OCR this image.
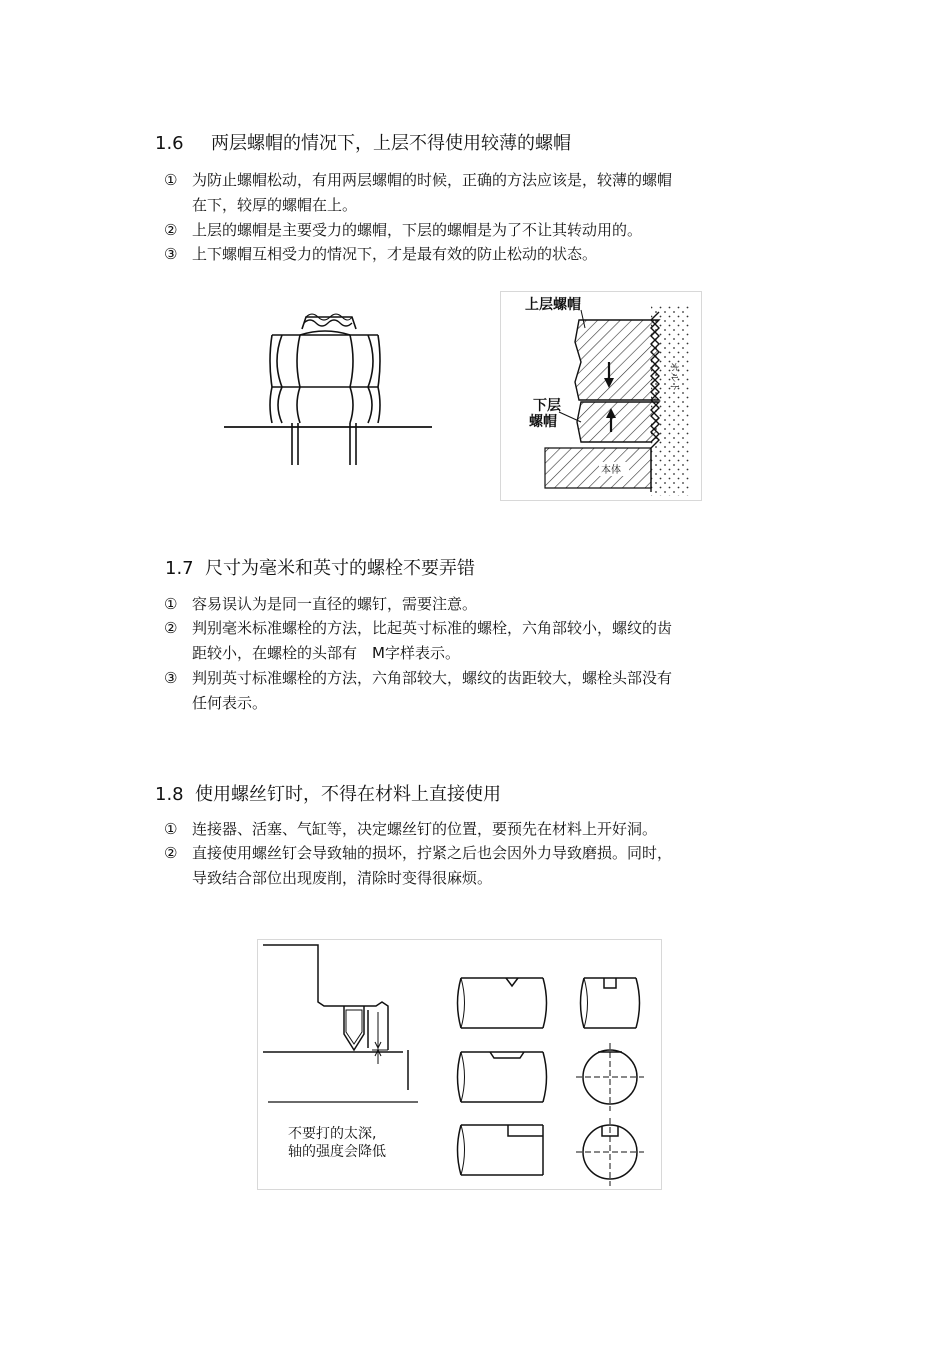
1.6 两层螺帽的情况下，上层不得使用较薄的螺帽
① 为防止螺帽松动，有用两层螺帽的时候，正确的方法应该是，较薄的螺帽
在下，较厚的螺帽在上。
② 上层的螺帽是主要受力的螺帽，下层的螺帽是为了不让其转动用的。
③ 上下螺帽互相受力的情况下，才是最有效的防止松动的状态。
上层螺帽
下层
螺帽
ボルト
本体
1.7 尺寸为毫米和英寸的螺栓不要弄错
① 容易误认为是同一直径的螺钉，需要注意。
② 判别毫米标准螺栓的方法，比起英寸标准的螺栓，六角部较小，螺纹的齿
距较小，在螺栓的头部有　M字样表示。
③ 判别英寸标准螺栓的方法，六角部较大，螺纹的齿距较大，螺栓头部没有
任何表示。
1.8 使用螺丝钉时，不得在材料上直接使用
① 连接器、活塞、气缸等，决定螺丝钉的位置，要预先在材料上开好洞。
② 直接使用螺丝钉会导致轴的损坏，拧紧之后也会因外力导致磨损。同时，
导致结合部位出现废削，清除时变得很麻烦。
不要打的太深,
轴的强度会降低
